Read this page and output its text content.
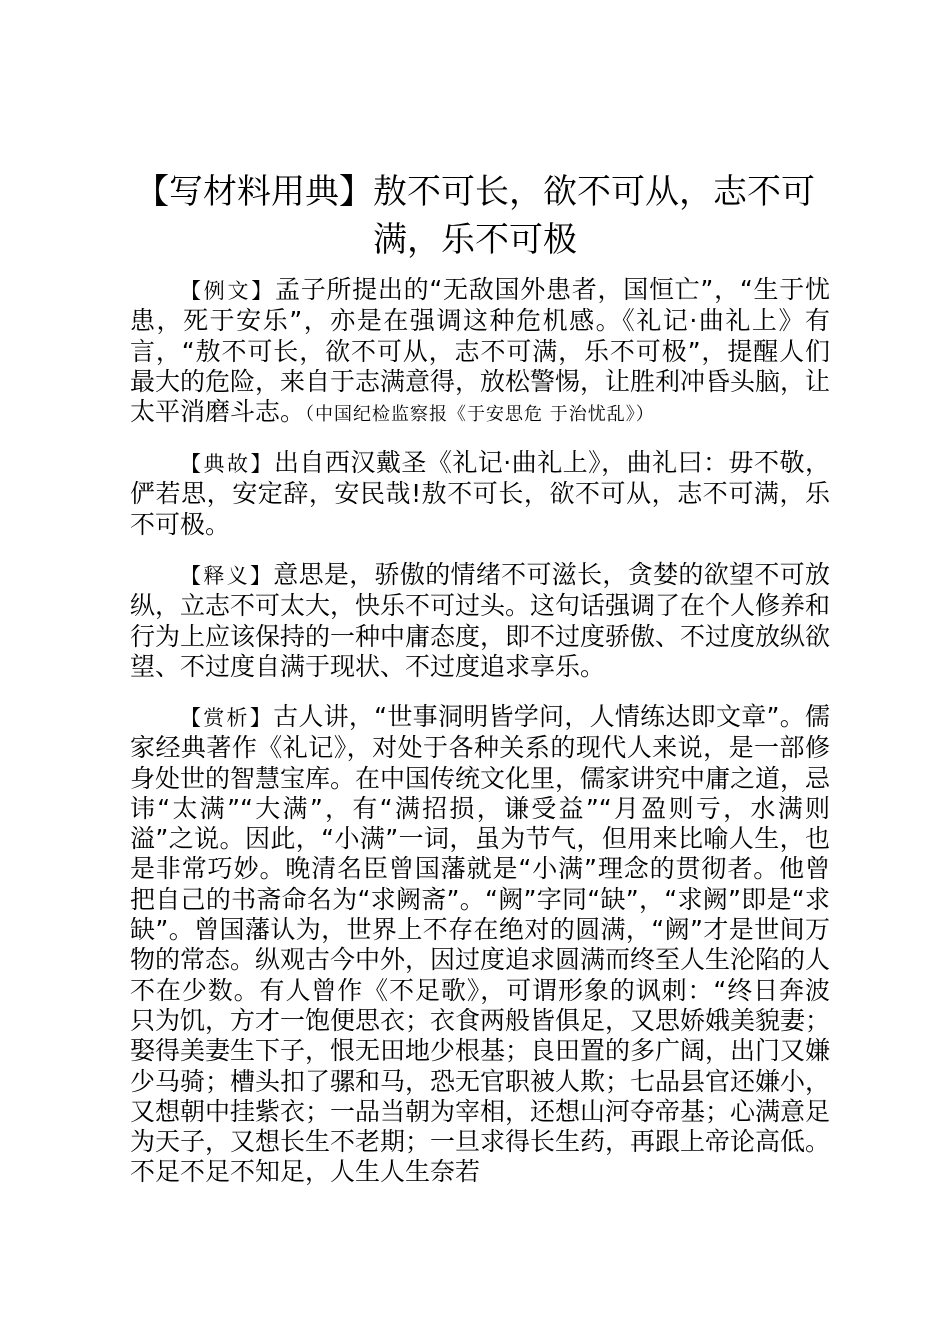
【写材料用典】敖不可长，欲不可从，志不可满，乐不可极

【例文】孟子所提出的“无敌国外患者，国恒亡”，“生于忧患，死于安乐”，亦是在强调这种危机感。《礼记·曲礼上》有言，“敖不可长，欲不可从，志不可满，乐不可极”，提醒人们最大的危险，来自于志满意得，放松警惕，让胜利冲昏头脑，让太平消磨斗志。（中国纪检监察报《于安思危 于治忧乱》）

【典故】出自西汉戴圣《礼记·曲礼上》，曲礼曰：毋不敬，俨若思，安定辞，安民哉!敖不可长，欲不可从，志不可满，乐不可极。

【释义】意思是，骄傲的情绪不可滋长，贪婪的欲望不可放纵，立志不可太大，快乐不可过头。这句话强调了在个人修养和行为上应该保持的一种中庸态度，即不过度骄傲、不过度放纵欲望、不过度自满于现状、不过度追求享乐。

【赏析】古人讲，“世事洞明皆学问，人情练达即文章”。儒家经典著作《礼记》，对处于各种关系的现代人来说，是一部修身处世的智慧宝库。在中国传统文化里，儒家讲究中庸之道，忌讳“太满”“大满”，有“满招损，谦受益”“月盈则亏，水满则溢”之说。因此，“小满”一词，虽为节气，但用来比喻人生，也是非常巧妙。晚清名臣曾国藩就是“小满”理念的贯彻者。他曾把自己的书斋命名为“求阙斋”。“阙”字同“缺”，“求阙”即是“求缺”。曾国藩认为，世界上不存在绝对的圆满，“阙”才是世间万物的常态。纵观古今中外，因过度追求圆满而终至人生沦陷的人不在少数。有人曾作《不足歌》，可谓形象的讽刺：“终日奔波只为饥，方才一饱便思衣；衣食两般皆俱足，又思娇娥美貌妻；娶得美妻生下子，恨无田地少根基；良田置的多广阔，出门又嫌少马骑；槽头扣了骡和马，恐无官职被人欺；七品县官还嫌小，又想朝中挂紫衣；一品当朝为宰相，还想山河夺帝基；心满意足为天子，又想长生不老期；一旦求得长生药，再跟上帝论高低。不足不足不知足，人生人生奈若
